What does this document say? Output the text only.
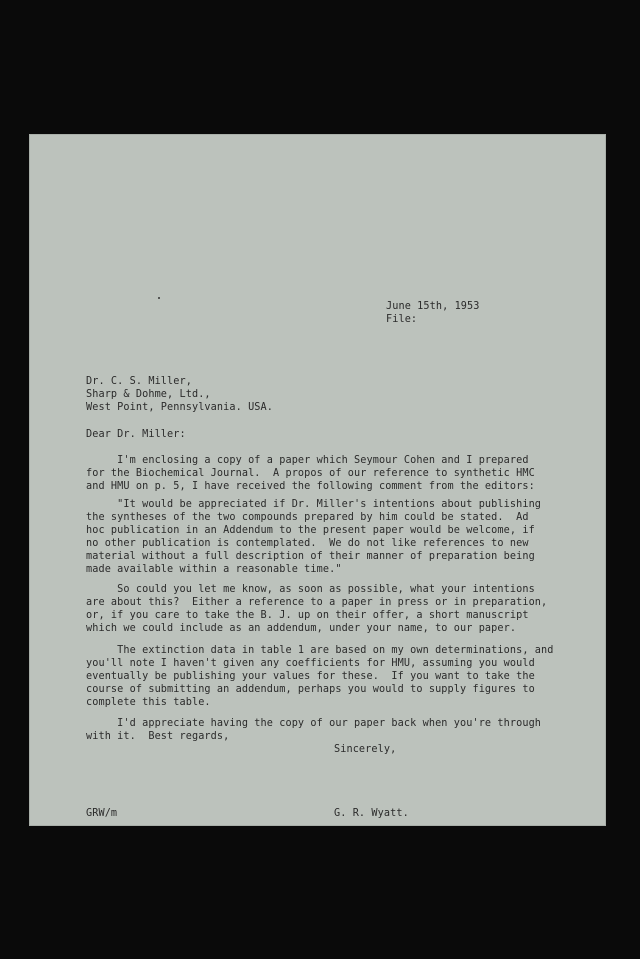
June 15th, 1953
File:
Dr. C. S. Miller,
Sharp & Dohme, Ltd.,
West Point, Pennsylvania. USA.
Dear Dr. Miller:
I'm enclosing a copy of a paper which Seymour Cohen and I prepared
for the Biochemical Journal.  A propos of our reference to synthetic HMC
and HMU on p. 5, I have received the following comment from the editors:
"It would be appreciated if Dr. Miller's intentions about publishing
the syntheses of the two compounds prepared by him could be stated.  Ad
hoc publication in an Addendum to the present paper would be welcome, if
no other publication is contemplated.  We do not like references to new
material without a full description of their manner of preparation being
made available within a reasonable time."
So could you let me know, as soon as possible, what your intentions
are about this?  Either a reference to a paper in press or in preparation,
or, if you care to take the B. J. up on their offer, a short manuscript
which we could include as an addendum, under your name, to our paper.
The extinction data in table 1 are based on my own determinations, and
you'll note I haven't given any coefficients for HMU, assuming you would
eventually be publishing your values for these.  If you want to take the
course of submitting an addendum, perhaps you would to supply figures to
complete this table.
I'd appreciate having the copy of our paper back when you're through
with it.  Best regards,
Sincerely,
GRW/m	G. R. Wyatt.
